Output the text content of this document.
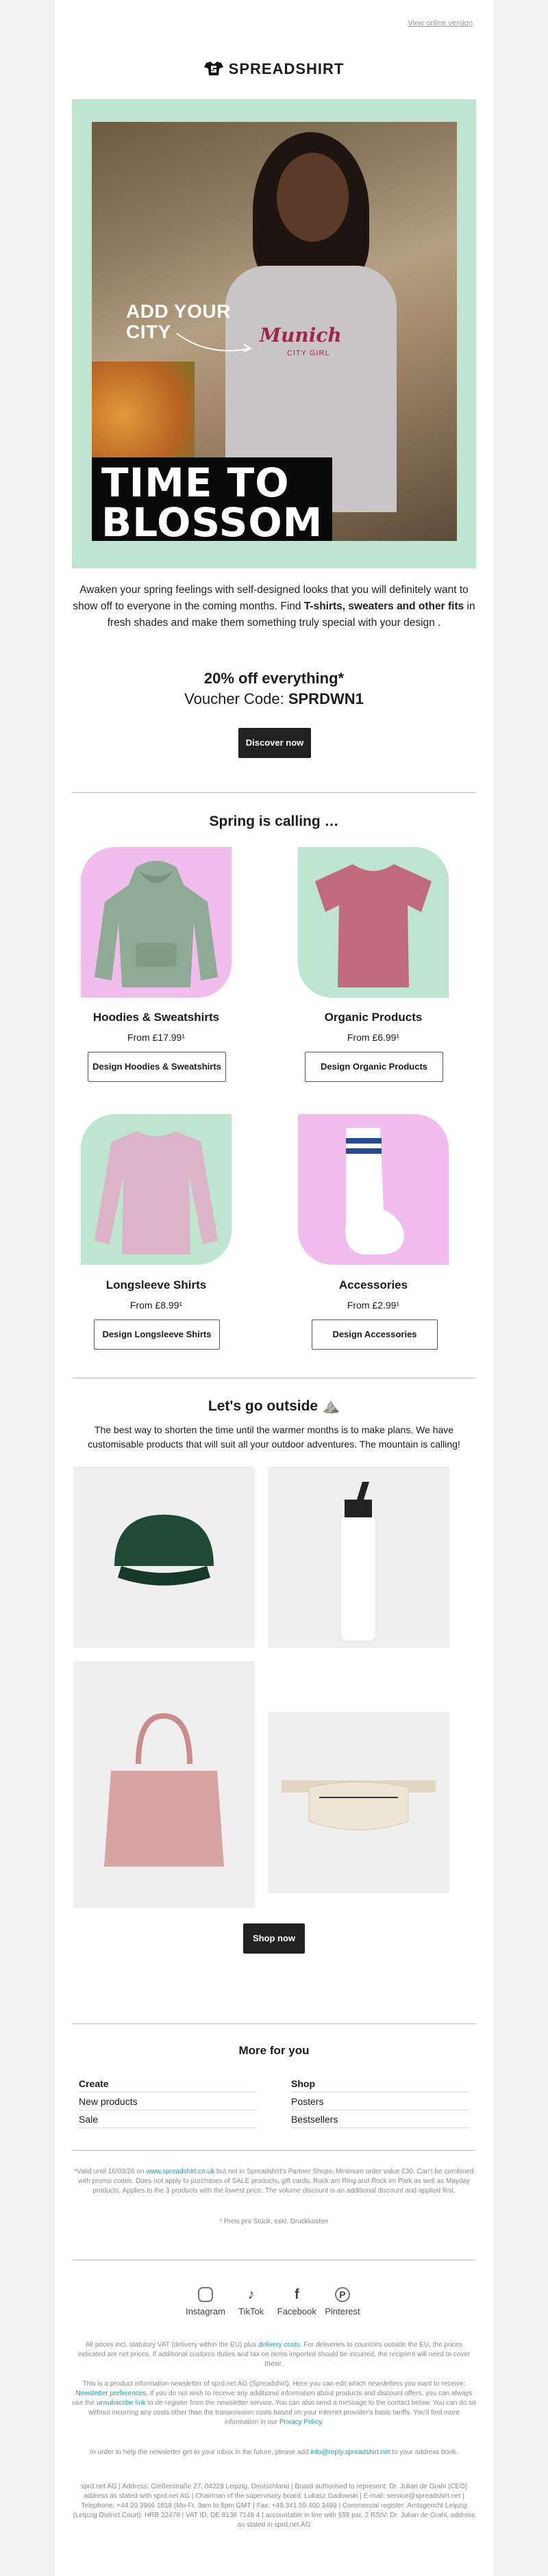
View online version
SPREADSHIRT
Munich
CITY GIRL
ADD YOUR
CITY
TIME TO
BLOSSOM

Awaken your spring feelings with self-designed looks that you will definitely want to show off to everyone in the coming months. Find T-shirts, sweaters and other fits in fresh shades and make them something truly special with your design .

20% off everything*
Voucher Code: SPRDWN1
Discover now
Spring is calling …
Hoodies & Sweatshirts
From £17.99¹
Design Hoodies & Sweatshirts
Organic Products
From £6.99¹
Design Organic Products
Longsleeve Shirts
From £8.99¹
Design Longsleeve Shirts
Accessories
From £2.99¹
Design Accessories
Let's go outside ⛰️

The best way to shorten the time until the warmer months is to make plans. We have customisable products that will suit all your outdoor adventures. The mountain is calling!

Shop now
More for you
Create
New products
Sale
Shop
Posters
Bestsellers

*Valid until 16/03/26 on www.spreadshirt.co.uk but not in Spreadshirt's Partner Shops. Minimum order value £30. Can't be combined with promo codes. Does not apply to purchases of SALE products, gift cards, Rock am Ring and Rock im Park as well as Mayday products. Applies to the 3 products with the lowest price. The volume discount is an additional discount and applied first.

¹ Preis pro Stück, exkl. Druckkosten

Instagram
♪
TikTok
f
Facebook
P
Pinterest

All prices incl. statutory VAT (delivery within the EU) plus delivery costs. For deliveries to countries outside the EU, the prices indicated are net prices. If additional customs duties and tax on items imported should be incurred, the recipient will need to cover these.

This is a product information newsletter of sprd.net AG (Spreadshirt). Here you can edit which newsletters you want to receive: Newsletter preferences. If you do not wish to receive any additional information about products and discount offers, you can always use the unsubscribe link to de-register from the newsletter service. You can also send a message to the contact below. You can do so without incurring any costs other than the transmission costs based on your internet provider's basic tariffs. You'll find more information in our Privacy Policy.

In order to help the newsletter get to your inbox in the future, please add info@reply.spreadshirt.net to your address book.

sprd.net AG | Address: Gießerstraße 27, 04229 Leipzig, Deutschland | Board authorised to represent: Dr. Julian de Grahl (CEO) address as stated with sprd.net AG | Chairman of the supervisory board: Lukasz Gadowski | E-mail: service@spreadshirt.net | Telephone: +44 20 3966 1818 (Mo-Fr, 9am to 5pm GMT | Fax: +49 341 59 400 3499 | Commercial register: Amtsgericht Leipzig (Leipzig District Court): HRB 22478 | VAT ID: DE 8138 7149 4 | accountable in line with §55 par. 2 RStV: Dr. Julian de Grahl, address as stated in sprd.net AG
